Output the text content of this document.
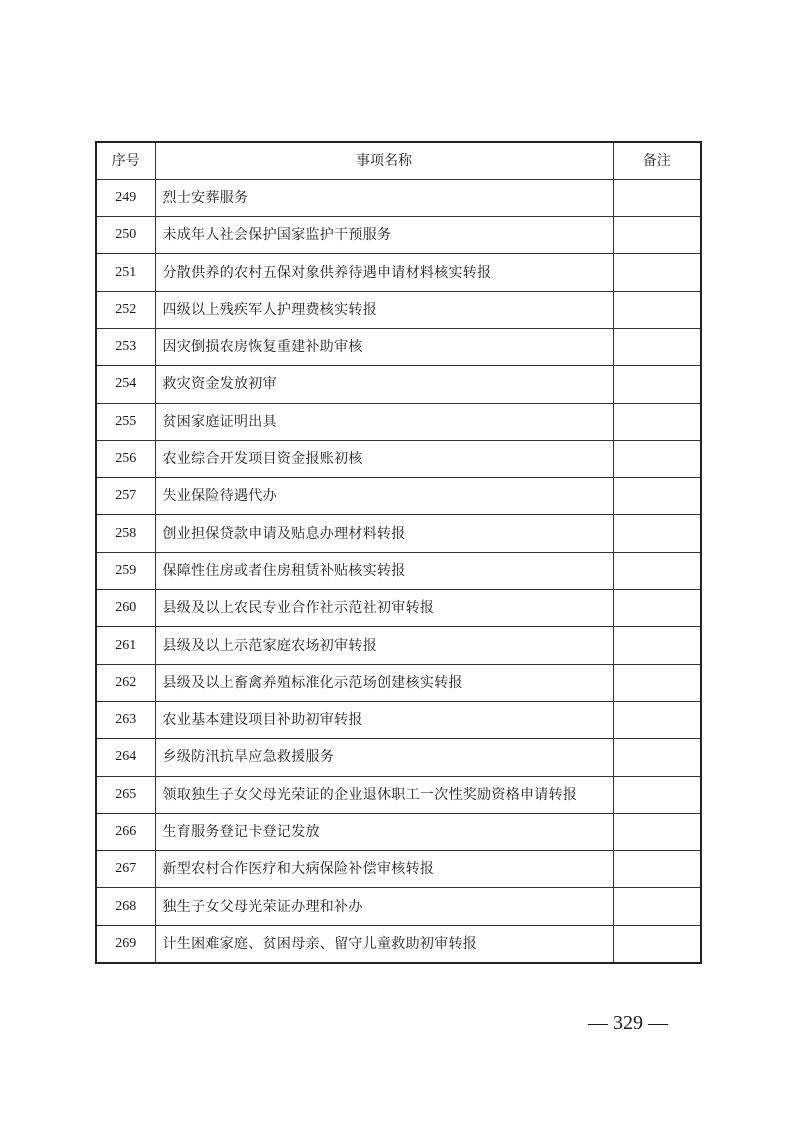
序号	事项名称	备注
249	烈士安葬服务	
250	未成年人社会保护国家监护干预服务	
251	分散供养的农村五保对象供养待遇申请材料核实转报	
252	四级以上残疾军人护理费核实转报	
253	因灾倒损农房恢复重建补助审核	
254	救灾资金发放初审	
255	贫困家庭证明出具	
256	农业综合开发项目资金报账初核	
257	失业保险待遇代办	
258	创业担保贷款申请及贴息办理材料转报	
259	保障性住房或者住房租赁补贴核实转报	
260	县级及以上农民专业合作社示范社初审转报	
261	县级及以上示范家庭农场初审转报	
262	县级及以上畜禽养殖标准化示范场创建核实转报	
263	农业基本建设项目补助初审转报	
264	乡级防汛抗旱应急救援服务	
265	领取独生子女父母光荣证的企业退休职工一次性奖励资格申请转报	
266	生育服务登记卡登记发放	
267	新型农村合作医疗和大病保险补偿审核转报	
268	独生子女父母光荣证办理和补办	
269	计生困难家庭、贫困母亲、留守儿童救助初审转报	
— 329 —
